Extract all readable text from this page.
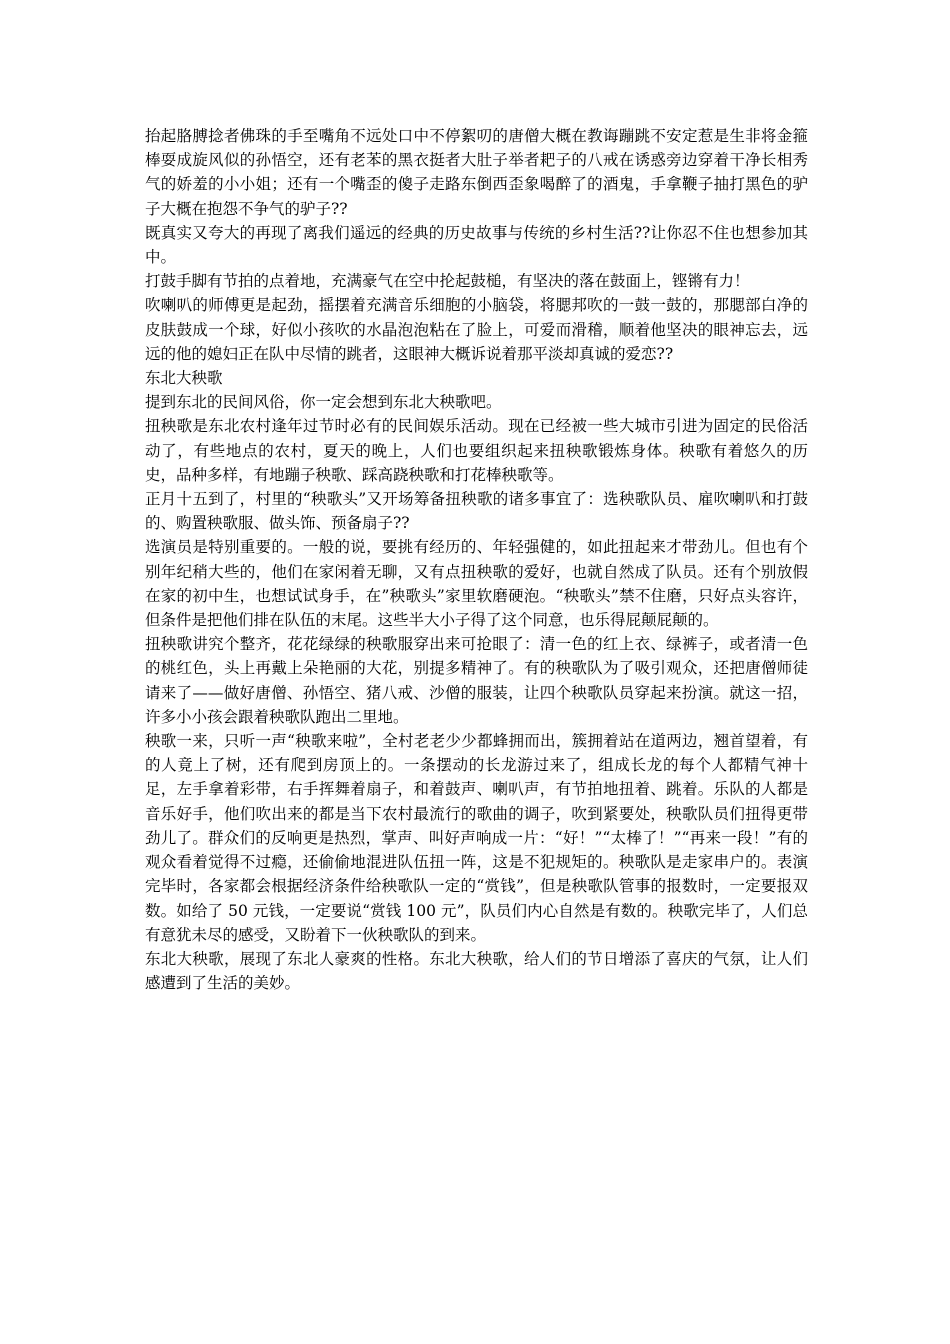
抬起胳膊捻者佛珠的手至嘴角不远处口中不停絮叨的唐僧大概在教诲蹦跳不安定惹是生非将金箍棒耍成旋风似的孙悟空，还有老苯的黑衣挺者大肚子举者耙子的八戒在诱惑旁边穿着干净长相秀气的娇羞的小小姐；还有一个嘴歪的傻子走路东倒西歪象喝醉了的酒鬼，手拿鞭子抽打黑色的驴子大概在抱怨不争气的驴子??

既真实又夸大的再现了离我们遥远的经典的历史故事与传统的乡村生活??让你忍不住也想参加其中。

打鼓手脚有节拍的点着地，充满豪气在空中抡起鼓槌，有坚决的落在鼓面上，铿锵有力！

吹喇叭的师傅更是起劲，摇摆着充满音乐细胞的小脑袋，将腮邦吹的一鼓一鼓的，那腮部白净的皮肤鼓成一个球，好似小孩吹的水晶泡泡粘在了脸上，可爱而滑稽，顺着他坚决的眼神忘去，远远的他的媳妇正在队中尽情的跳者，这眼神大概诉说着那平淡却真诚的爱恋??

东北大秧歌

提到东北的民间风俗，你一定会想到东北大秧歌吧。

扭秧歌是东北农村逢年过节时必有的民间娱乐活动。现在已经被一些大城市引进为固定的民俗活动了，有些地点的农村，夏天的晚上，人们也要组织起来扭秧歌锻炼身体。秧歌有着悠久的历史，品种多样，有地蹦子秧歌、踩高跷秧歌和打花棒秧歌等。

正月十五到了，村里的“秧歌头”又开场筹备扭秧歌的诸多事宜了：选秧歌队员、雇吹喇叭和打鼓的、购置秧歌服、做头饰、预备扇子??

选演员是特别重要的。一般的说，要挑有经历的、年轻强健的，如此扭起来才带劲儿。但也有个别年纪稍大些的，他们在家闲着无聊，又有点扭秧歌的爱好，也就自然成了队员。还有个别放假在家的初中生，也想试试身手，在”秧歌头”家里软磨硬泡。“秧歌头”禁不住磨，只好点头容许，但条件是把他们排在队伍的末尾。这些半大小子得了这个同意，也乐得屁颠屁颠的。

扭秧歌讲究个整齐，花花绿绿的秧歌服穿出来可抢眼了：清一色的红上衣、绿裤子，或者清一色的桃红色，头上再戴上朵艳丽的大花，别提多精神了。有的秧歌队为了吸引观众，还把唐僧师徒请来了——做好唐僧、孙悟空、猪八戒、沙僧的服装，让四个秧歌队员穿起来扮演。就这一招，许多小小孩会跟着秧歌队跑出二里地。

秧歌一来，只听一声“秧歌来啦”，全村老老少少都蜂拥而出，簇拥着站在道两边，翘首望着，有的人竟上了树，还有爬到房顶上的。一条摆动的长龙游过来了，组成长龙的每个人都精气神十足，左手拿着彩带，右手挥舞着扇子，和着鼓声、喇叭声，有节拍地扭着、跳着。乐队的人都是音乐好手，他们吹出来的都是当下农村最流行的歌曲的调子，吹到紧要处，秧歌队员们扭得更带劲儿了。群众们的反响更是热烈，掌声、叫好声响成一片：“好！”“太棒了！”“再来一段！”有的观众看着觉得不过瘾，还偷偷地混进队伍扭一阵，这是不犯规矩的。秧歌队是走家串户的。表演完毕时，各家都会根据经济条件给秧歌队一定的“赏钱”，但是秧歌队管事的报数时，一定要报双数。如给了 50 元钱，一定要说“赏钱 100 元”，队员们内心自然是有数的。秧歌完毕了，人们总有意犹未尽的感受，又盼着下一伙秧歌队的到来。

东北大秧歌，展现了东北人豪爽的性格。东北大秧歌，给人们的节日增添了喜庆的气氛，让人们感遭到了生活的美妙。
